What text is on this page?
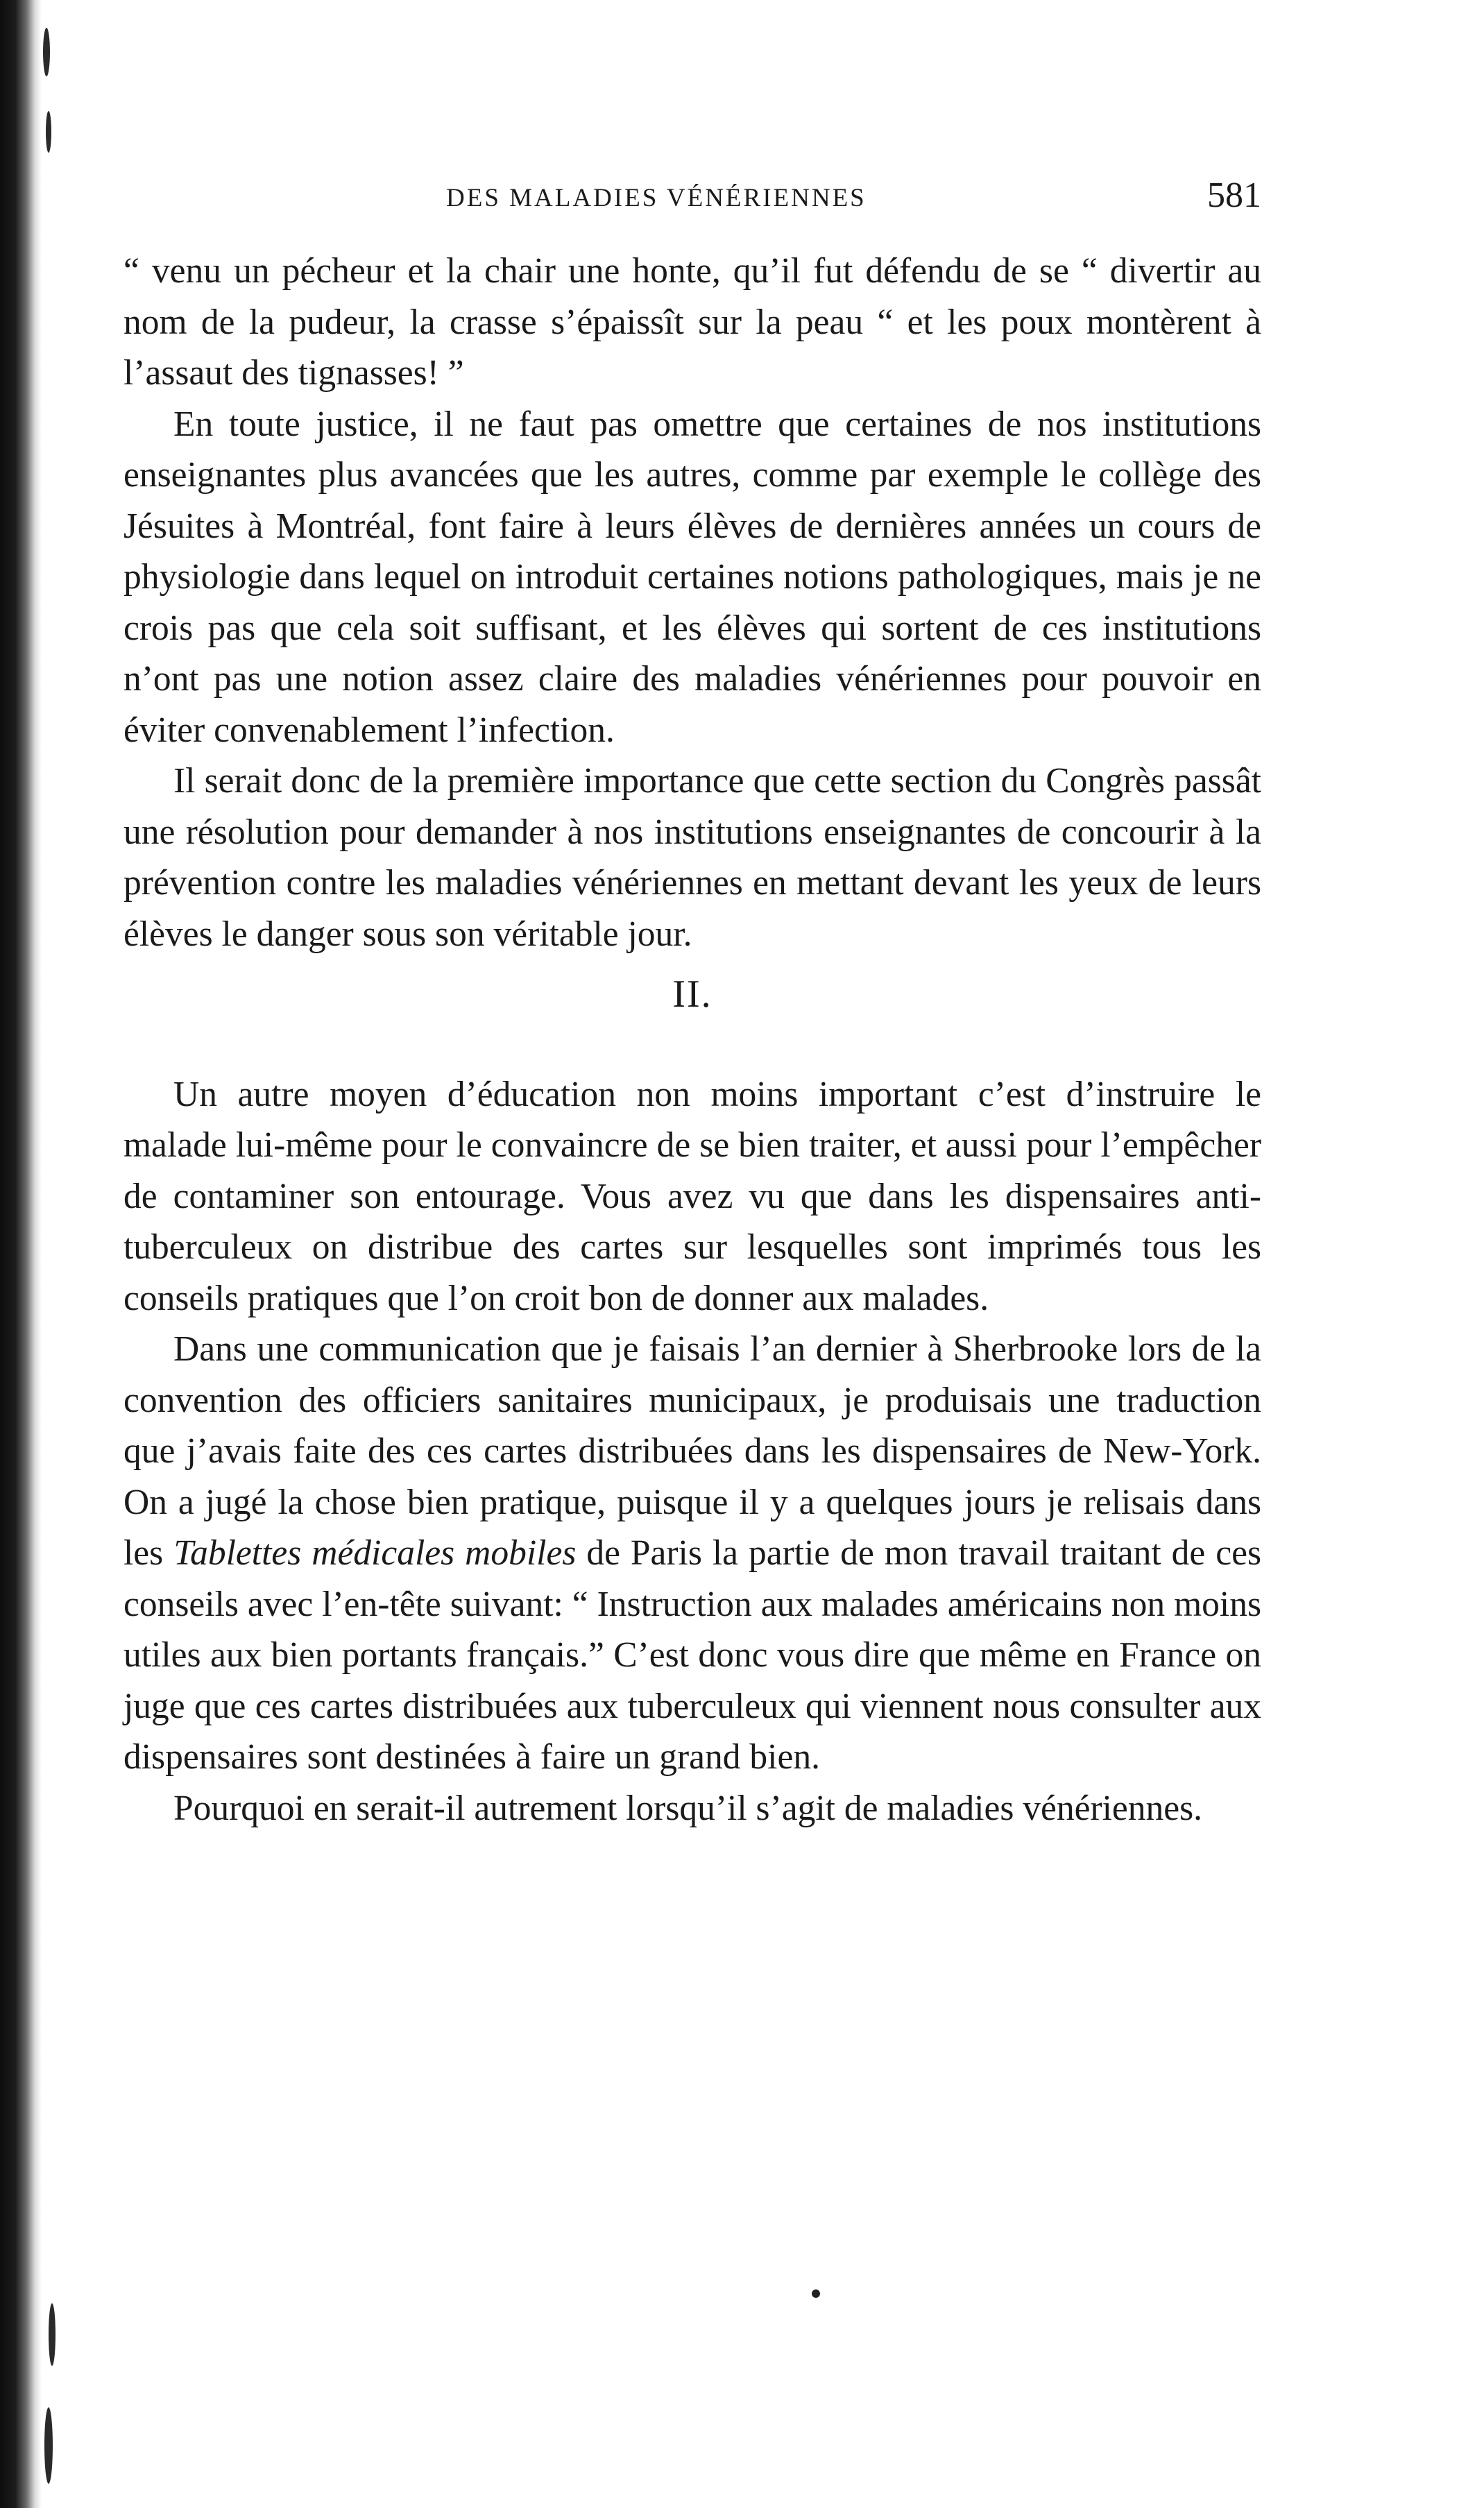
DES MALADIES VÉNÉRIENNES	581

“ venu un pécheur et la chair une honte, qu’il fut défendu de se “ divertir au nom de la pudeur, la crasse s’épaissît sur la peau “ et les poux montèrent à l’assaut des tignasses! ”

En toute justice, il ne faut pas omettre que certaines de nos institutions enseignantes plus avancées que les autres, comme par exemple le collège des Jésuites à Montréal, font faire à leurs élèves de dernières années un cours de physiologie dans lequel on introduit certaines notions pathologiques, mais je ne crois pas que cela soit suffisant, et les élèves qui sortent de ces institutions n’ont pas une notion assez claire des maladies vénériennes pour pouvoir en éviter convenablement l’infection.

Il serait donc de la première importance que cette section du Congrès passât une résolution pour demander à nos institutions enseignantes de concourir à la prévention contre les maladies vénériennes en mettant devant les yeux de leurs élèves le danger sous son véritable jour.

II.

Un autre moyen d’éducation non moins important c’est d’instruire le malade lui-même pour le convaincre de se bien traiter, et aussi pour l’empêcher de contaminer son entourage. Vous avez vu que dans les dispensaires anti-tuberculeux on distribue des cartes sur lesquelles sont imprimés tous les conseils pratiques que l’on croit bon de donner aux malades.

Dans une communication que je faisais l’an dernier à Sherbrooke lors de la convention des officiers sanitaires municipaux, je produisais une traduction que j’avais faite des ces cartes distribuées dans les dispensaires de New-York. On a jugé la chose bien pratique, puisque il y a quelques jours je relisais dans les Tablettes médicales mobiles de Paris la partie de mon travail traitant de ces conseils avec l’en-tête suivant: “ Instruction aux malades américains non moins utiles aux bien portants français.” C’est donc vous dire que même en France on juge que ces cartes distribuées aux tuberculeux qui viennent nous consulter aux dispensaires sont destinées à faire un grand bien.

Pourquoi en serait-il autrement lorsqu’il s’agit de maladies vénériennes.
